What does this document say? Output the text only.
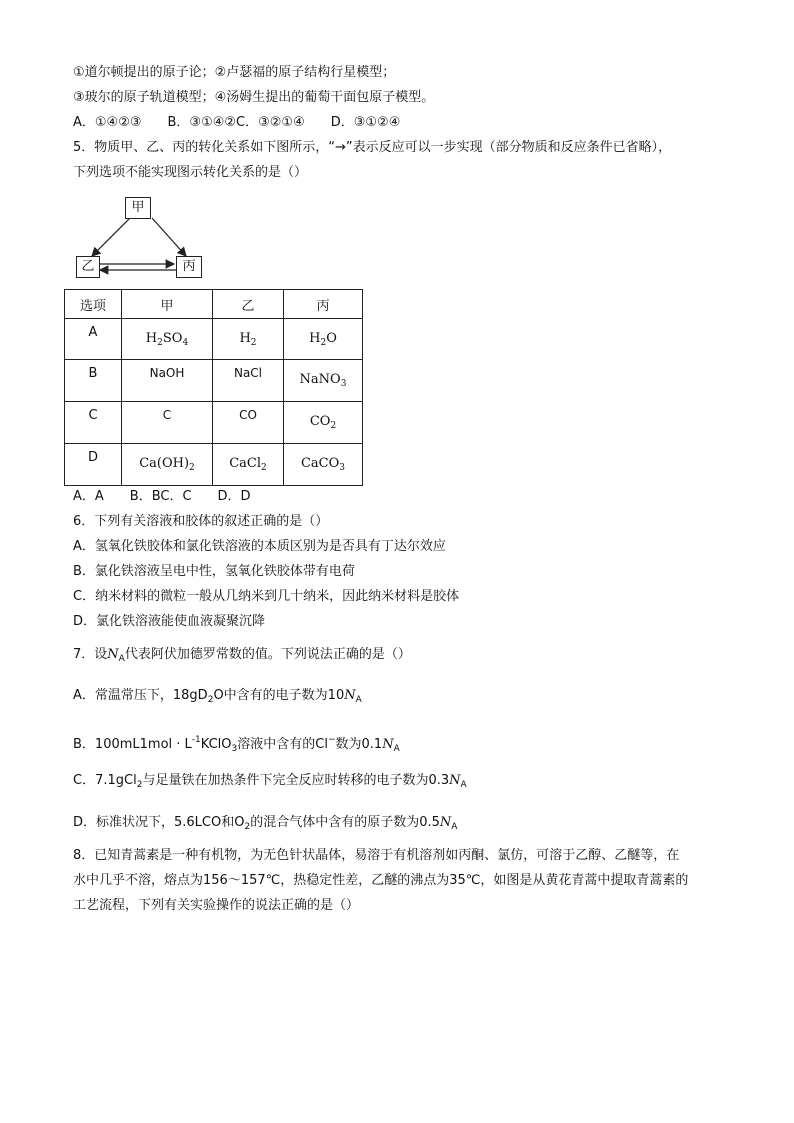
①道尔顿提出的原子论；②卢瑟福的原子结构行星模型；
③玻尔的原子轨道模型；④汤姆生提出的葡萄干面包原子模型。
A．①④②③　　B．③①④②C．③②①④　　D．③①②④
5．物质甲、乙、丙的转化关系如下图所示，“→”表示反应可以一步实现（部分物质和反应条件已省略），
下列选项不能实现图示转化关系的是（）
甲
乙	丙
选项	甲	乙	丙
A	$H_2SO_4$	$H_2$	$H_2O$
B	NaOH	NaCl	NaNO$_3$
C	C	CO	$CO_2$
D	$Ca(OH)_2$	CaCl$_2$	CaCO$_3$
A．A　　B．BC．C　　D．D
6．下列有关溶液和胶体的叙述正确的是（）
A．氢氧化铁胶体和氯化铁溶液的本质区别为是否具有丁达尔效应
B．氯化铁溶液呈电中性，氢氧化铁胶体带有电荷
C．纳米材料的微粒一般从几纳米到几十纳米，因此纳米材料是胶体
D．氯化铁溶液能使血液凝聚沉降
7．设$N_A$代表阿伏加德罗常数的值。下列说法正确的是（）
A．常温常压下，$18gD_2O$中含有的电子数为$10N_A$
B．$100mL1mol \cdot L^{-1}KClO_3$溶液中含有的Cl−数为$0.1N_A$
C．7.1gCl$_2$与足量铁在加热条件下完全反应时转移的电子数为$0.3N_A$
D．标准状况下，5.6LCO和$O_2$的混合气体中含有的原子数为$0.5N_A$
8．已知青蒿素是一种有机物，为无色针状晶体，易溶于有机溶剂如丙酮、氯仿，可溶于乙醇、乙醚等，在
水中几乎不溶，熔点为156～157℃，热稳定性差，乙醚的沸点为35℃，如图是从黄花青蒿中提取青蒿素的
工艺流程，下列有关实验操作的说法正确的是（）
